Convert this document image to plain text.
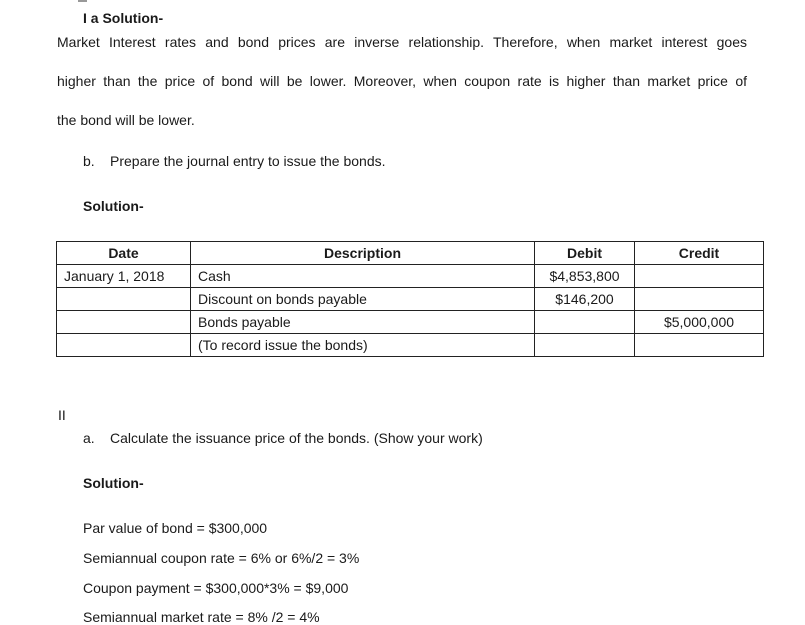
I a Solution-
Market Interest rates and bond prices are inverse relationship. Therefore, when market interest goes
higher than the price of bond will be lower. Moreover, when coupon rate is higher than market price of
the bond will be lower.
b. Prepare the journal entry to issue the bonds.
Solution-
Date	Description	Debit	Credit
January 1, 2018	Cash	$4,853,800	
	Discount on bonds payable	$146,200	
	Bonds payable		$5,000,000
	(To record issue the bonds)		
II
a. Calculate the issuance price of the bonds. (Show your work)
Solution-
Par value of bond = $300,000
Semiannual coupon rate = 6% or 6%/2 = 3%
Coupon payment = $300,000*3% = $9,000
Semiannual market rate = 8% /2 = 4%
